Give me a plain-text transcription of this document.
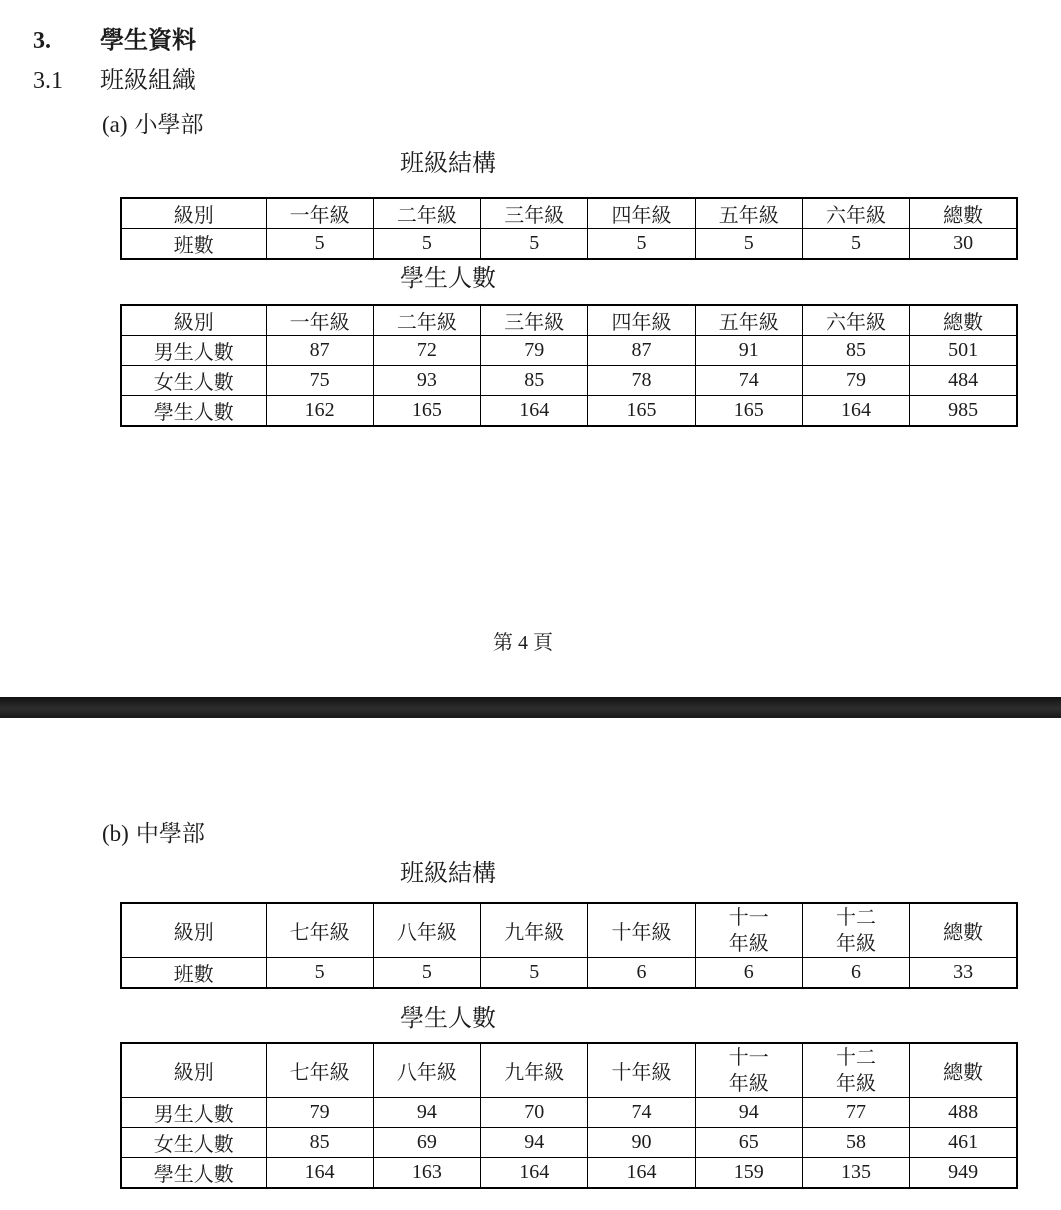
3. 學生資料
3.1 班級組織
(a) 小學部
班級結構
級別	一年級	二年級	三年級	四年級	五年級	六年級	總數
班數	5	5	5	5	5	5	30
學生人數
級別	一年級	二年級	三年級	四年級	五年級	六年級	總數
男生人數	87	72	79	87	91	85	501
女生人數	75	93	85	78	74	79	484
學生人數	162	165	164	165	165	164	985
第 4 頁
(b) 中學部
班級結構
級別	七年級	八年級	九年級	十年級	十一年級	十二年級	總數
班數	5	5	5	6	6	6	33
學生人數
級別	七年級	八年級	九年級	十年級	十一年級	十二年級	總數
男生人數	79	94	70	74	94	77	488
女生人數	85	69	94	90	65	58	461
學生人數	164	163	164	164	159	135	949
